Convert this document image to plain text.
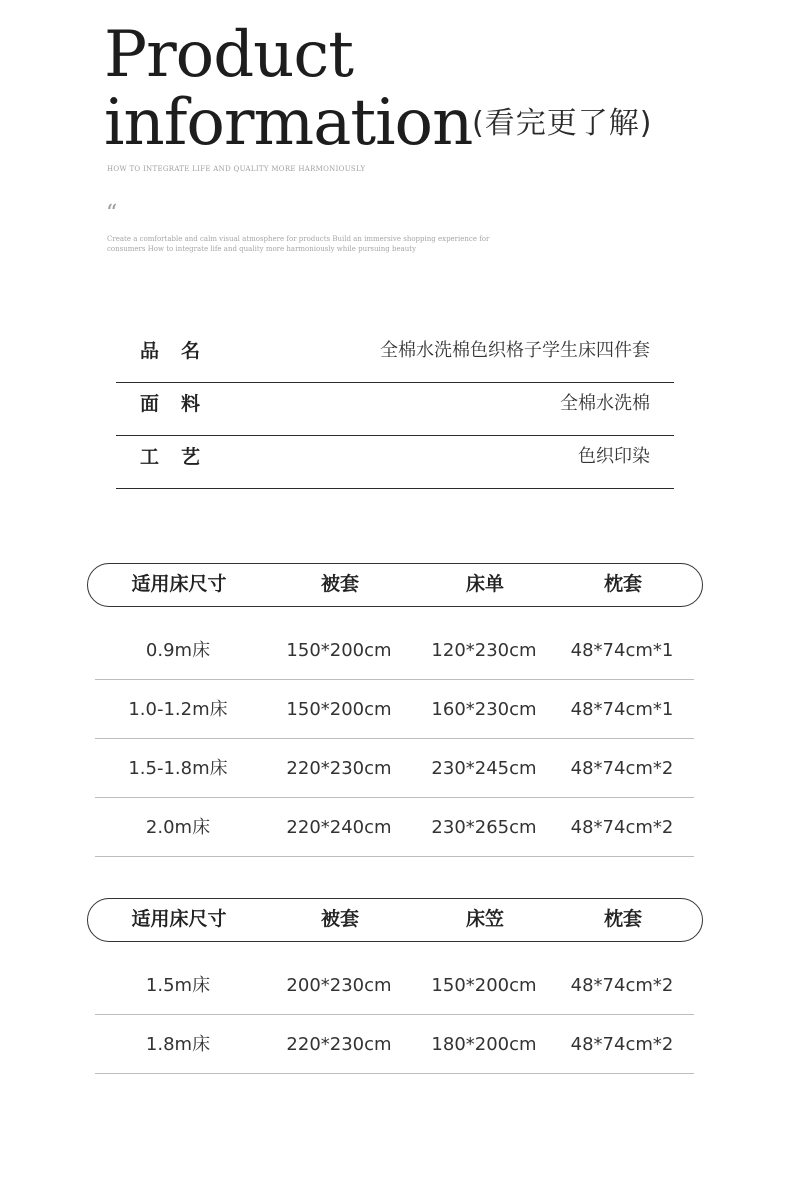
Product
information (看完更了解)
HOW TO INTEGRATE LIFE AND QUALITY MORE HARMONIOUSLY
“
Create a comfortable and calm visual atmosphere for products Build an immersive shopping experience for consumers How to integrate life and quality more harmoniously while pursuing beauty
品名	全棉水洗棉色织格子学生床四件套
面料	全棉水洗棉
工艺	色织印染
适用床尺寸	被套	床单	枕套
0.9m床	150*200cm 120*230cm 48*74cm*1
1.0-1.2m床	150*200cm 160*230cm 48*74cm*1
1.5-1.8m床	220*230cm 230*245cm 48*74cm*2
2.0m床	220*240cm 230*265cm 48*74cm*2
适用床尺寸	被套	床笠	枕套
1.5m床	200*230cm 150*200cm 48*74cm*2
1.8m床	220*230cm 180*200cm 48*74cm*2
